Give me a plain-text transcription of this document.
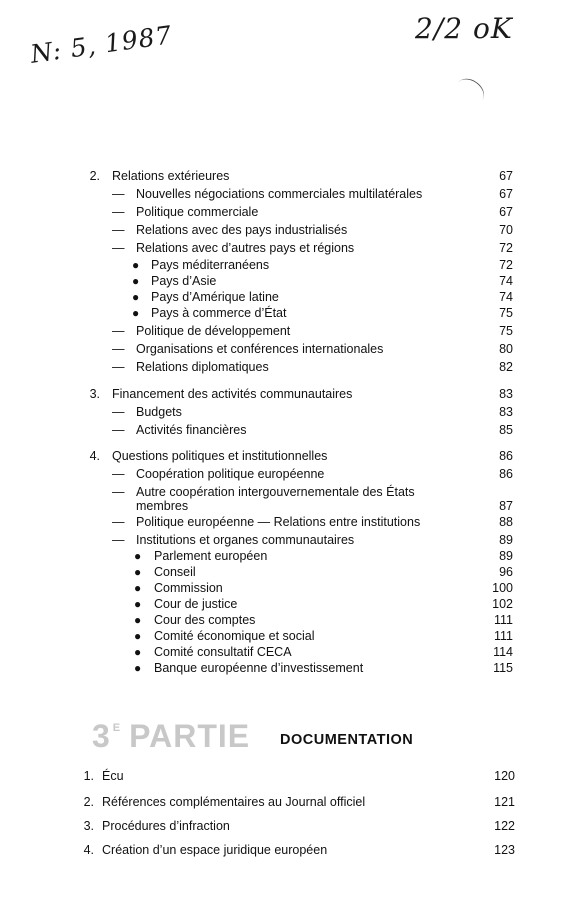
N: 5, 1987	2/2 oK
2. Relations extérieures	67
— Nouvelles négociations commerciales multilatérales	67
— Politique commerciale	67
— Relations avec des pays industrialisés	70
— Relations avec d’autres pays et régions	72
● Pays méditerranéens	72
● Pays d’Asie	74
● Pays d’Amérique latine	74
● Pays à commerce d’État	75
— Politique de développement	75
— Organisations et conférences internationales	80
— Relations diplomatiques	82
3. Financement des activités communautaires	83
— Budgets	83
— Activités financières	85
4. Questions politiques et institutionnelles	86
— Coopération politique européenne	86
— Autre coopération intergouvernementale des États
membres	87
— Politique européenne — Relations entre institutions	88
— Institutions et organes communautaires	89
● Parlement européen	89
● Conseil	96
● Commission	100
● Cour de justice	102
● Cour des comptes	111
● Comité économique et social	111
● Comité consultatif CECA	114
● Banque européenne d’investissement	115
3 $^E$ PARTIE DOCUMENTATION
1. Écu	120
2. Références complémentaires au Journal officiel	121
3. Procédures d’infraction	122
4. Création d’un espace juridique européen	123
